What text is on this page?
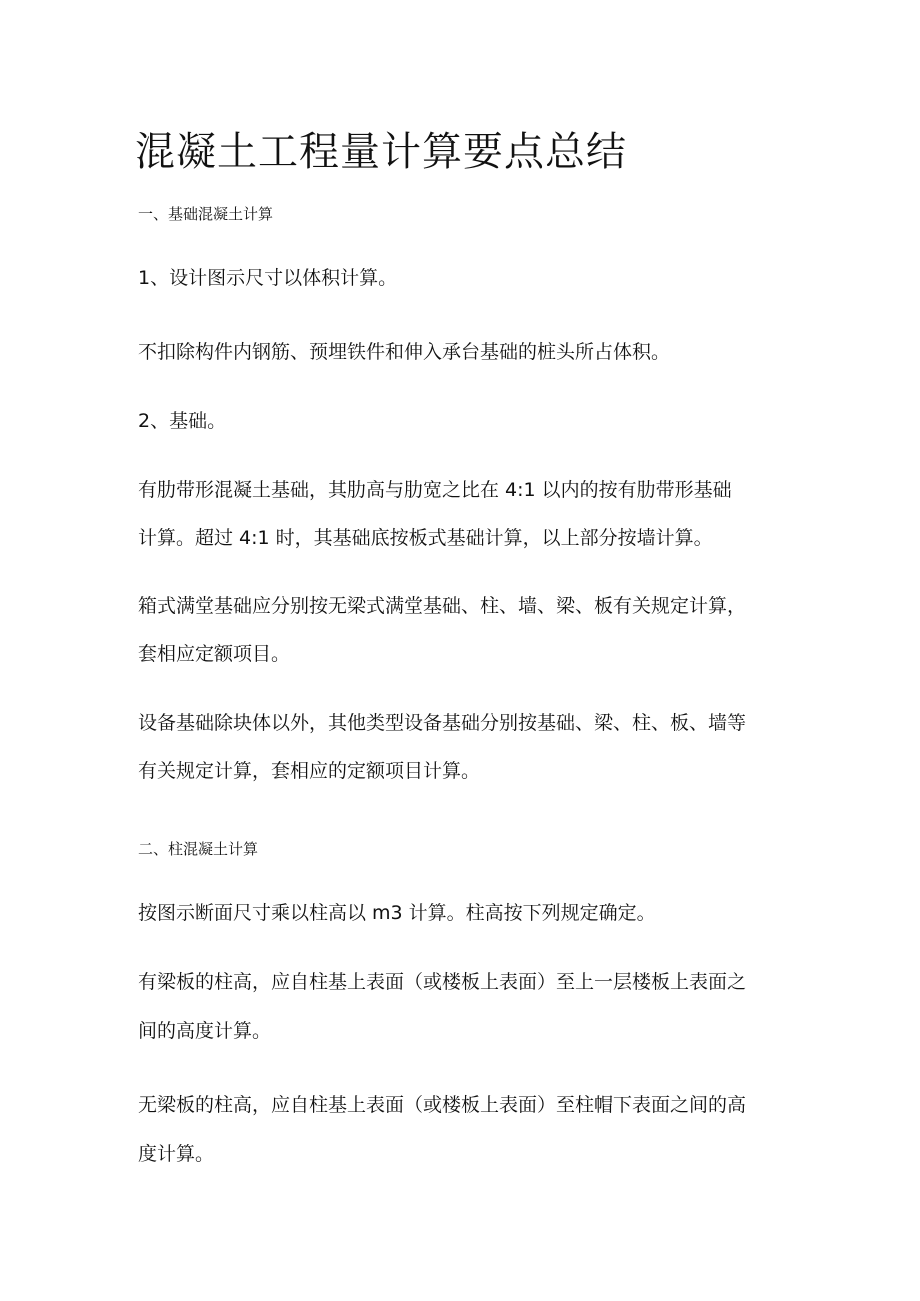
混凝土工程量计算要点总结

一、基础混凝土计算

1、设计图示尺寸以体积计算。

不扣除构件内钢筋、预埋铁件和伸入承台基础的桩头所占体积。

2、基础。

有肋带形混凝土基础，其肋高与肋宽之比在 4:1 以内的按有肋带形基础

计算。超过 4:1 时，其基础底按板式基础计算，以上部分按墙计算。

箱式满堂基础应分别按无梁式满堂基础、柱、墙、梁、板有关规定计算，

套相应定额项目。

设备基础除块体以外，其他类型设备基础分别按基础、梁、柱、板、墙等

有关规定计算，套相应的定额项目计算。

二、柱混凝土计算

按图示断面尺寸乘以柱高以 m3 计算。柱高按下列规定确定。

有梁板的柱高，应自柱基上表面（或楼板上表面）至上一层楼板上表面之

间的高度计算。

无梁板的柱高，应自柱基上表面（或楼板上表面）至柱帽下表面之间的高

度计算。
